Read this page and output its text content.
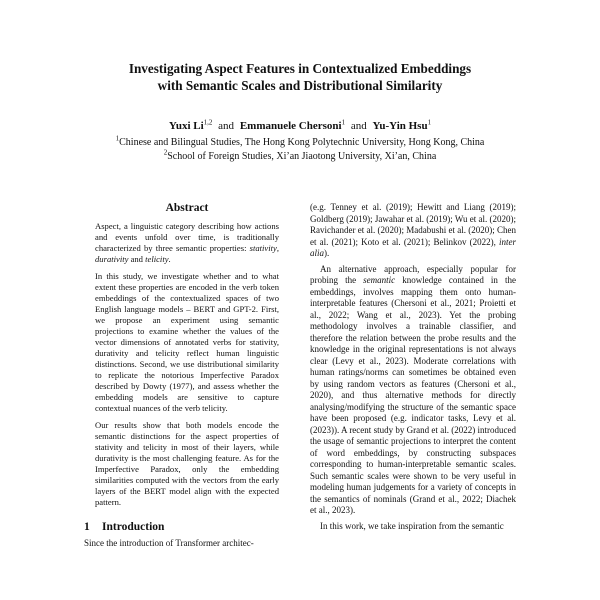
Investigating Aspect Features in Contextualized Embeddings
with Semantic Scales and Distributional Similarity
Yuxi Li$^{1,2}$ and Emmanuele Chersoni$^1$ and Yu-Yin Hsu$^1$
$^1$Chinese and Bilingual Studies, The Hong Kong Polytechnic University, Hong Kong, China
$^2$School of Foreign Studies, Xi’an Jiaotong University, Xi’an, China
Abstract

Aspect, a linguistic category describing how actions and events unfold over time, is traditionally characterized by three semantic properties: stativity, durativity and telicity.

In this study, we investigate whether and to what extent these properties are encoded in the verb token embeddings of the contextualized spaces of two English language models – BERT and GPT-2. First, we propose an experiment using semantic projections to examine whether the values of the vector dimensions of annotated verbs for stativity, durativity and telicity reflect human linguistic distinctions. Second, we use distributional similarity to replicate the notorious Imperfective Paradox described by Dowty (1977), and assess whether the embedding models are sensitive to capture contextual nuances of the verb telicity.

Our results show that both models encode the semantic distinctions for the aspect properties of stativity and telicity in most of their layers, while durativity is the most challenging feature. As for the Imperfective Paradox, only the embedding similarities computed with the vectors from the early layers of the BERT model align with the expected pattern.

1 Introduction

Since the introduction of Transformer architec-

(e.g. Tenney et al. (2019); Hewitt and Liang (2019); Goldberg (2019); Jawahar et al. (2019); Wu et al. (2020); Ravichander et al. (2020); Madabushi et al. (2020); Chen et al. (2021); Koto et al. (2021); Belinkov (2022), inter alia).

An alternative approach, especially popular for probing the semantic knowledge contained in the embeddings, involves mapping them onto human-interpretable features (Chersoni et al., 2021; Proietti et al., 2022; Wang et al., 2023). Yet the probing methodology involves a trainable classifier, and therefore the relation between the probe results and the knowledge in the original representations is not always clear (Levy et al., 2023). Moderate correlations with human ratings/norms can sometimes be obtained even by using random vectors as features (Chersoni et al., 2020), and thus alternative methods for directly analysing/modifying the structure of the semantic space have been proposed (e.g. indicator tasks, Levy et al. (2023)). A recent study by Grand et al. (2022) introduced the usage of semantic projections to interpret the content of word embeddings, by constructing subspaces corresponding to human-interpretable semantic scales. Such semantic scales were shown to be very useful in modeling human judgements for a variety of concepts in the semantics of nominals (Grand et al., 2022; Diachek et al., 2023).

In this work, we take inspiration from the semantic
